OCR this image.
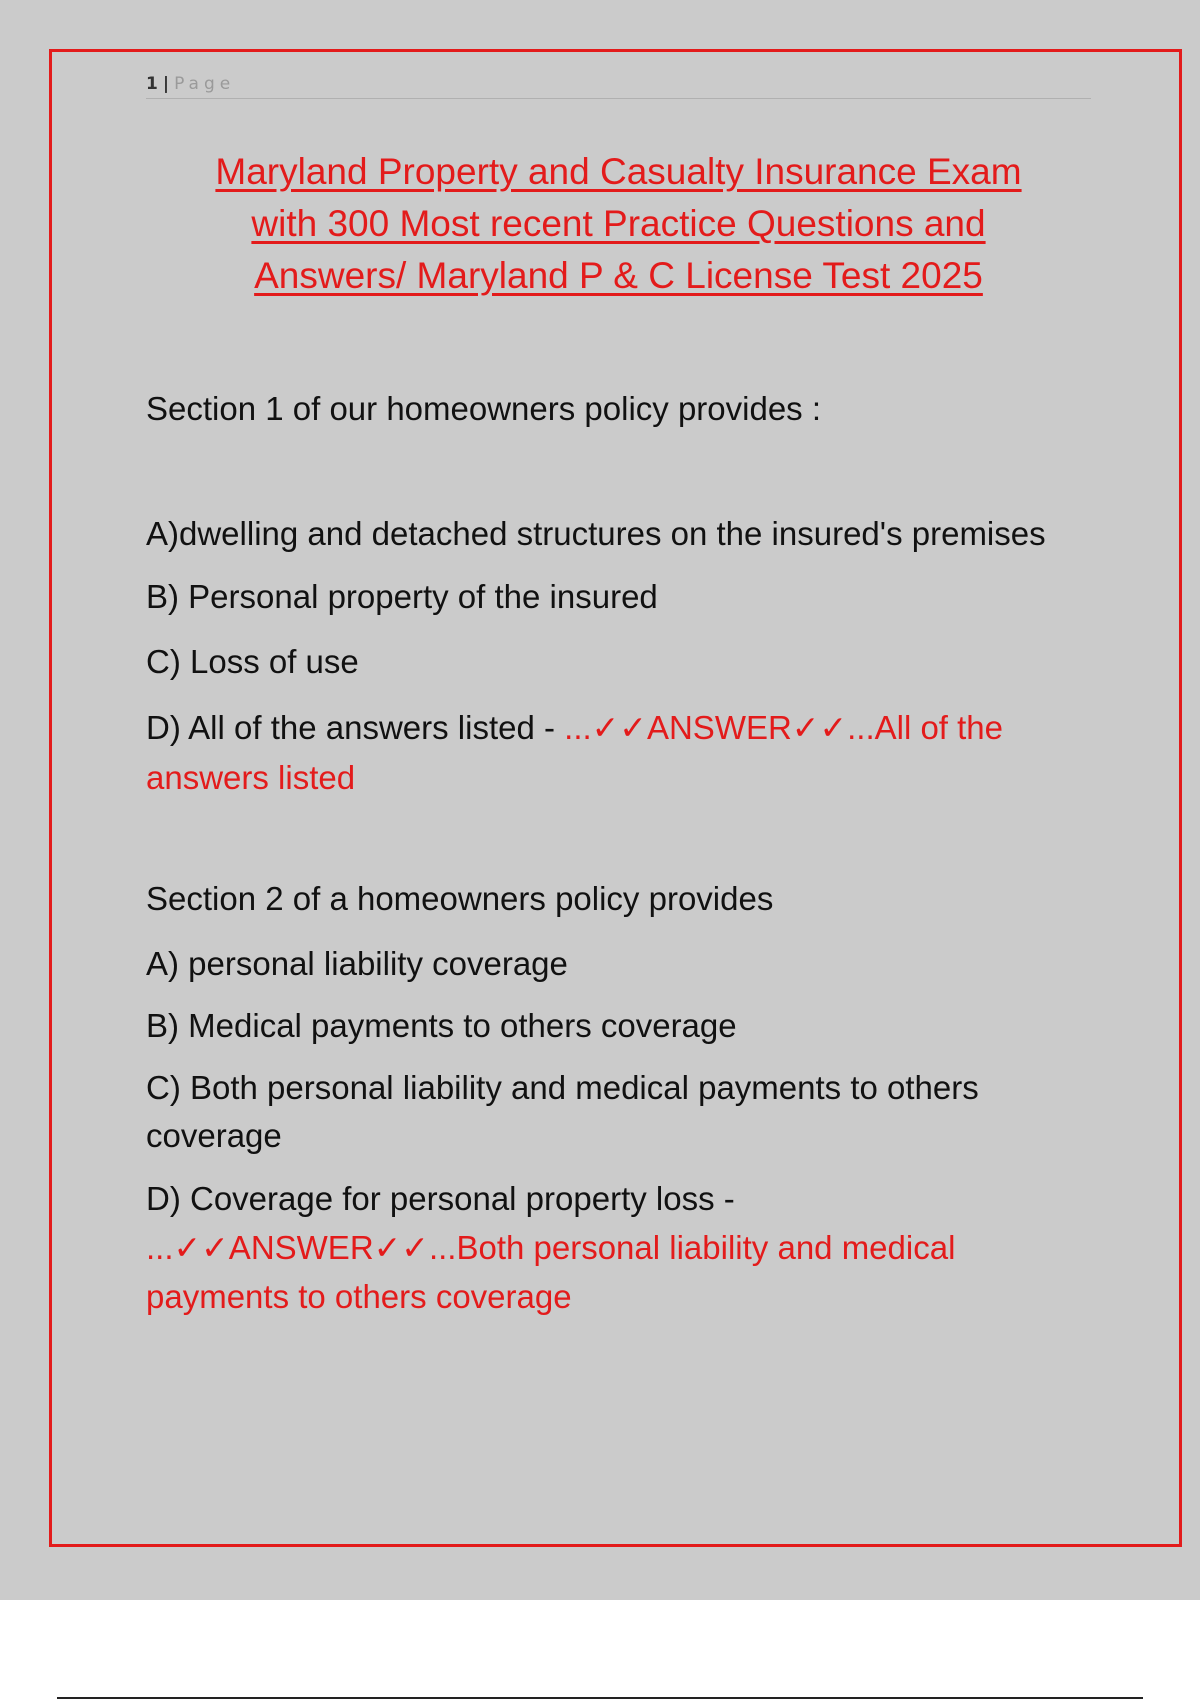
1 | Page
Maryland Property and Casualty Insurance Exam
with 300 Most recent Practice Questions and
Answers/ Maryland P & C License Test 2025

Section 1 of our homeowners policy provides :

A)dwelling and detached structures on the insured's premises

B) Personal property of the insured

C) Loss of use

D) All of the answers listed - ...✓✓ANSWER✓✓...All of the answers listed

Section 2 of a homeowners policy provides

A) personal liability coverage

B) Medical payments to others coverage

C) Both personal liability and medical payments to others coverage

D) Coverage for personal property loss - ...✓✓ANSWER✓✓...Both personal liability and medical payments to others coverage
